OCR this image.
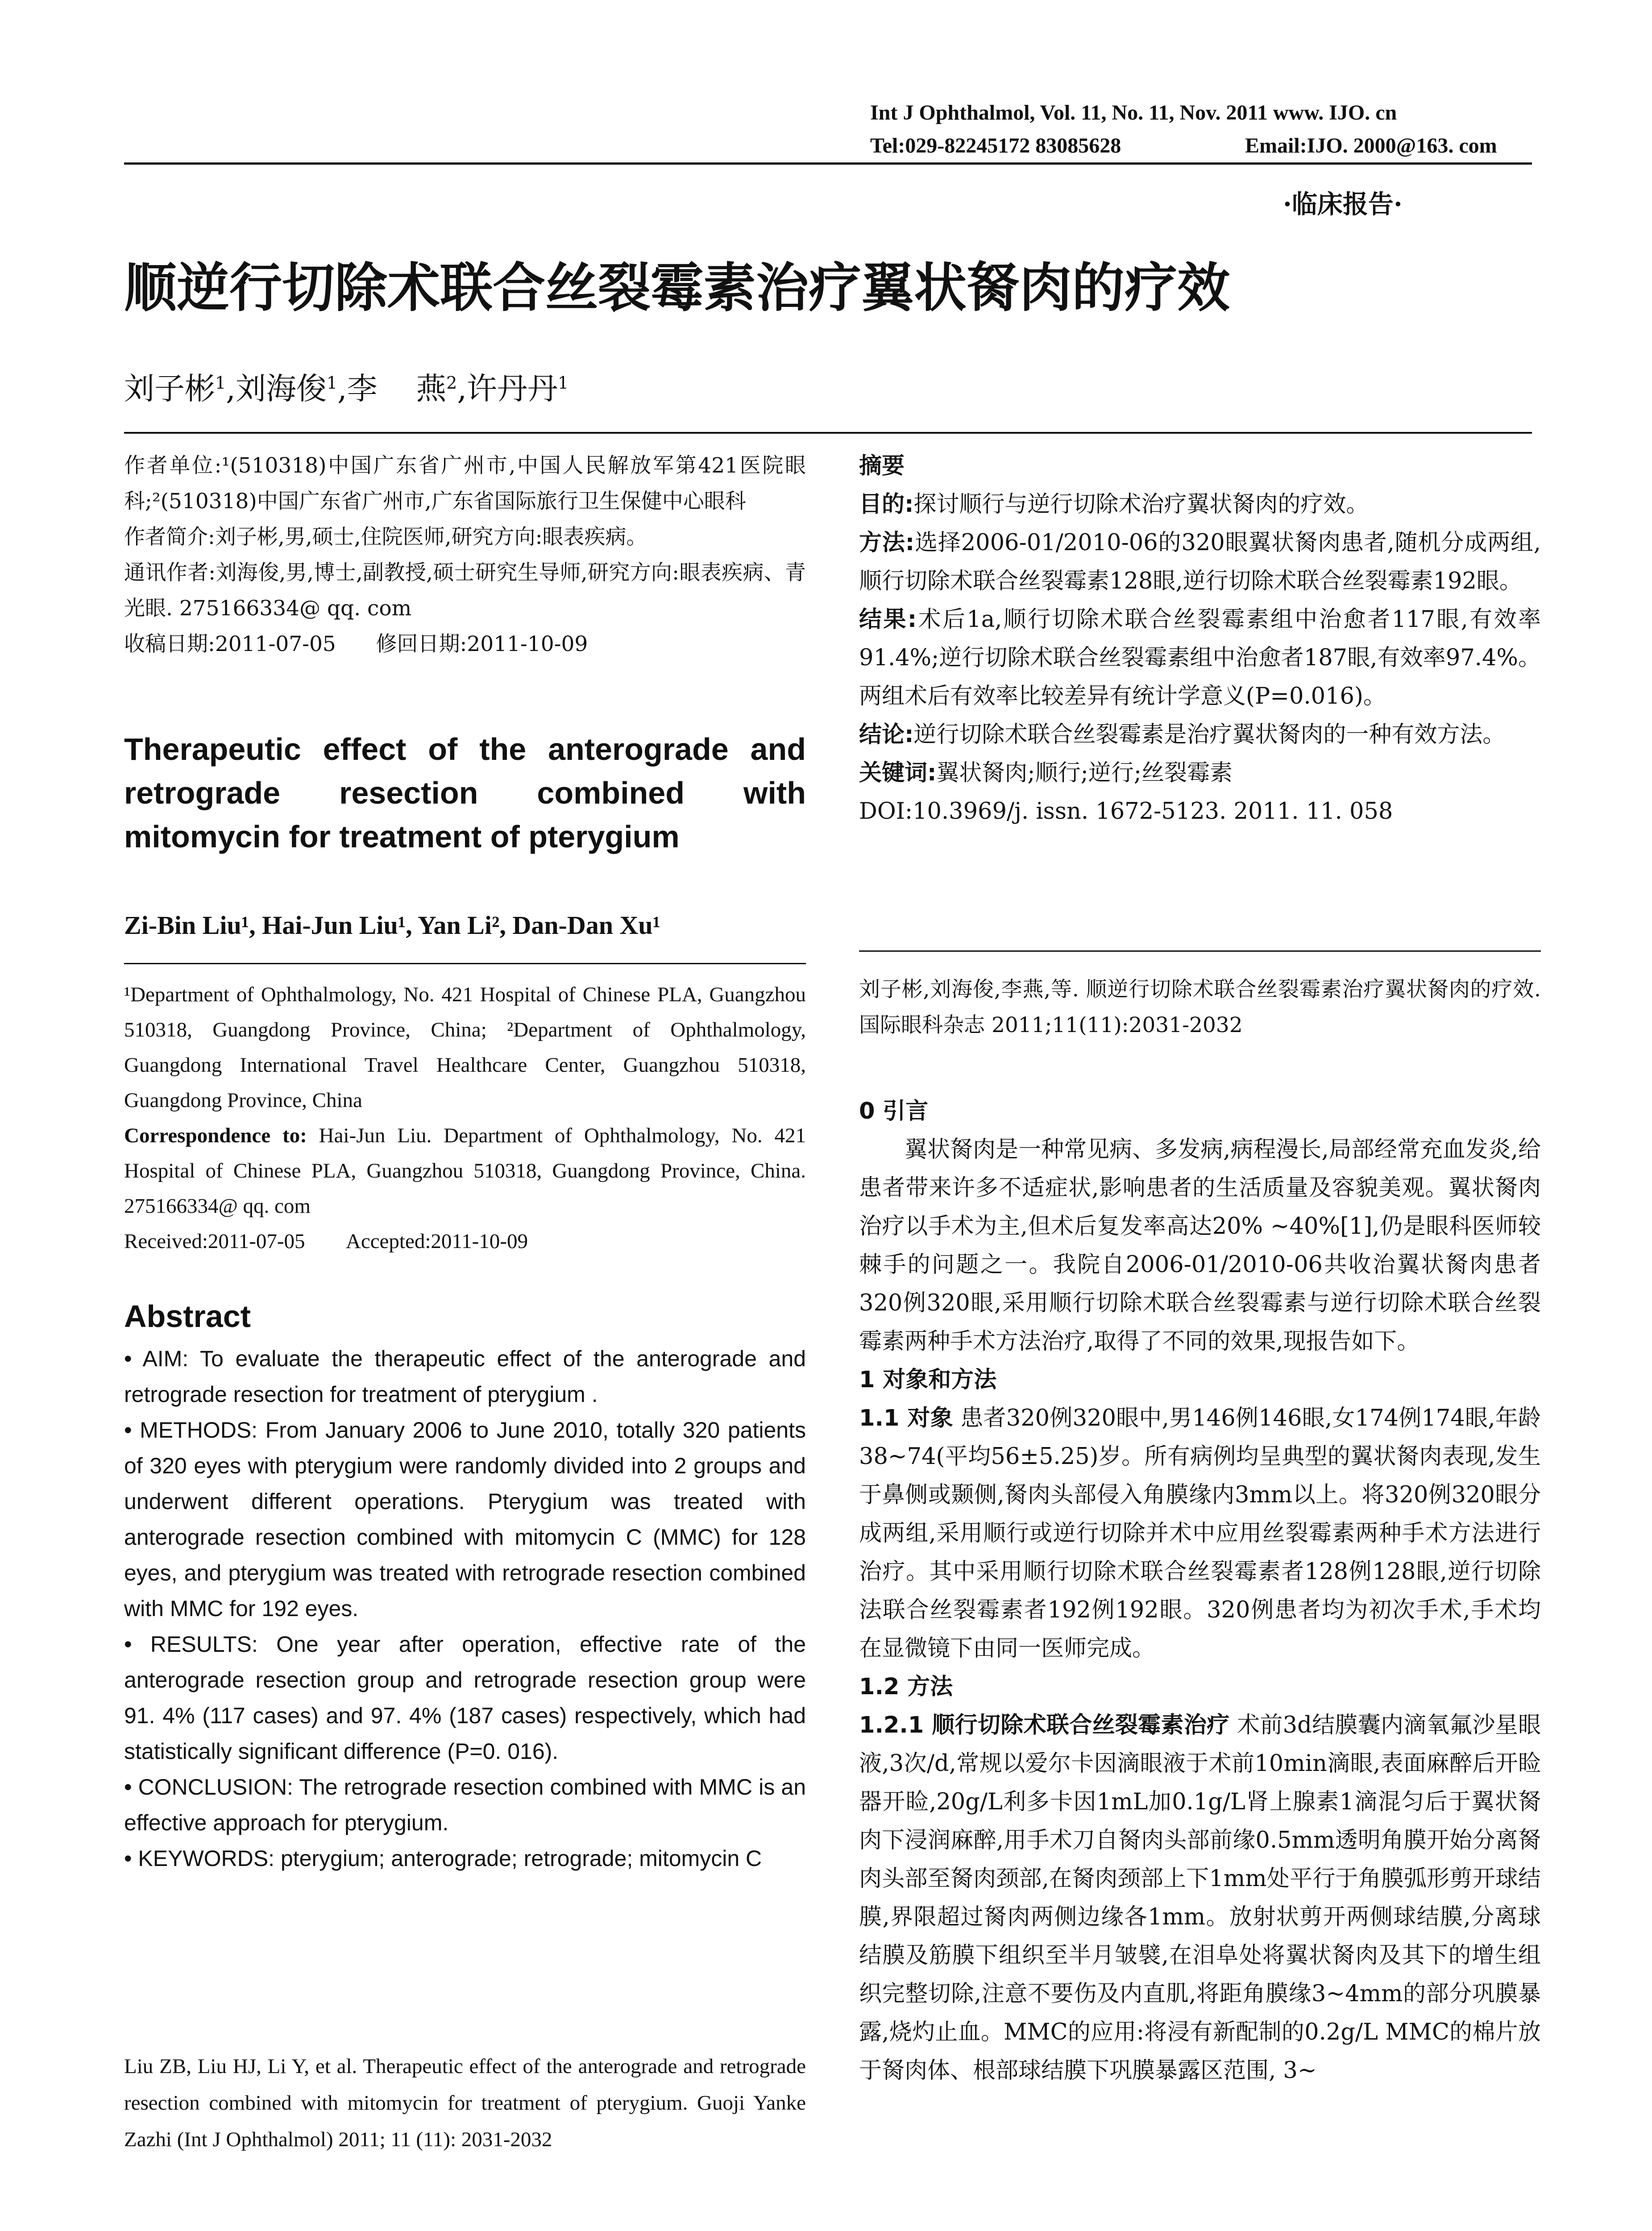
Int J Ophthalmol, Vol. 11, No. 11, Nov. 2011 www. IJO. cn
Tel:029-82245172 83085628	Email:IJO. 2000@163. com
·临床报告·
顺逆行切除术联合丝裂霉素治疗翼状胬肉的疗效
刘子彬$^1$,刘海俊$^1$,李    燕$^2$,许丹丹$^1$

作者单位:¹(510318)中国广东省广州市,中国人民解放军第421医院眼科;²(510318)中国广东省广州市,广东省国际旅行卫生保健中心眼科

作者简介:刘子彬,男,硕士,住院医师,研究方向:眼表疾病。

通讯作者:刘海俊,男,博士,副教授,硕士研究生导师,研究方向:眼表疾病、青光眼. 275166334@ qq. com

收稿日期:2011-07-05 修回日期:2011-10-09

Therapeutic effect of the anterograde and retrograde resection combined with mitomycin for treatment of pterygium
Zi-Bin Liu¹, Hai-Jun Liu¹, Yan Li², Dan-Dan Xu¹
¹Department of Ophthalmology, No. 421 Hospital of Chinese PLA, Guangzhou 510318, Guangdong Province, China; ²Department of Ophthalmology, Guangdong International Travel Healthcare Center, Guangzhou 510318, Guangdong Province, China
Correspondence to: Hai-Jun Liu. Department of Ophthalmology, No. 421 Hospital of Chinese PLA, Guangzhou 510318, Guangdong Province, China. 275166334@ qq. com
Received:2011-07-05 Accepted:2011-10-09
Abstract

• AIM: To evaluate the therapeutic effect of the anterograde and retrograde resection for treatment of pterygium .

• METHODS: From January 2006 to June 2010, totally 320 patients of 320 eyes with pterygium were randomly divided into 2 groups and underwent different operations. Pterygium was treated with anterograde resection combined with mitomycin C (MMC) for 128 eyes, and pterygium was treated with retrograde resection combined with MMC for 192 eyes.

• RESULTS: One year after operation, effective rate of the anterograde resection group and retrograde resection group were 91. 4% (117 cases) and 97. 4% (187 cases) respectively, which had statistically significant difference (P=0. 016).

• CONCLUSION: The retrograde resection combined with MMC is an effective approach for pterygium.

• KEYWORDS: pterygium; anterograde; retrograde; mitomycin C

Liu ZB, Liu HJ, Li Y, et al. Therapeutic effect of the anterograde and retrograde resection combined with mitomycin for treatment of pterygium. Guoji Yanke Zazhi (Int J Ophthalmol) 2011; 11 (11): 2031-2032

摘要

目的:探讨顺行与逆行切除术治疗翼状胬肉的疗效。

方法:选择2006-01/2010-06的320眼翼状胬肉患者,随机分成两组,顺行切除术联合丝裂霉素128眼,逆行切除术联合丝裂霉素192眼。

结果:术后1a,顺行切除术联合丝裂霉素组中治愈者117眼,有效率91.4%;逆行切除术联合丝裂霉素组中治愈者187眼,有效率97.4%。两组术后有效率比较差异有统计学意义(P=0.016)。

结论:逆行切除术联合丝裂霉素是治疗翼状胬肉的一种有效方法。

关键词:翼状胬肉;顺行;逆行;丝裂霉素

DOI:10.3969/j. issn. 1672-5123. 2011. 11. 058

刘子彬,刘海俊,李燕,等. 顺逆行切除术联合丝裂霉素治疗翼状胬肉的疗效. 国际眼科杂志 2011;11(11):2031-2032

0 引言

翼状胬肉是一种常见病、多发病,病程漫长,局部经常充血发炎,给患者带来许多不适症状,影响患者的生活质量及容貌美观。翼状胬肉治疗以手术为主,但术后复发率高达20% ~40%[1],仍是眼科医师较棘手的问题之一。我院自2006-01/2010-06共收治翼状胬肉患者320例320眼,采用顺行切除术联合丝裂霉素与逆行切除术联合丝裂霉素两种手术方法治疗,取得了不同的效果,现报告如下。

1 对象和方法

1.1 对象 患者320例320眼中,男146例146眼,女174例174眼,年龄38~74(平均56±5.25)岁。所有病例均呈典型的翼状胬肉表现,发生于鼻侧或颞侧,胬肉头部侵入角膜缘内3mm以上。将320例320眼分成两组,采用顺行或逆行切除并术中应用丝裂霉素两种手术方法进行治疗。其中采用顺行切除术联合丝裂霉素者128例128眼,逆行切除法联合丝裂霉素者192例192眼。320例患者均为初次手术,手术均在显微镜下由同一医师完成。

1.2 方法

1.2.1 顺行切除术联合丝裂霉素治疗 术前3d结膜囊内滴氧氟沙星眼液,3次/d,常规以爱尔卡因滴眼液于术前10min滴眼,表面麻醉后开睑器开睑,20g/L利多卡因1mL加0.1g/L肾上腺素1滴混匀后于翼状胬肉下浸润麻醉,用手术刀自胬肉头部前缘0.5mm透明角膜开始分离胬肉头部至胬肉颈部,在胬肉颈部上下1mm处平行于角膜弧形剪开球结膜,界限超过胬肉两侧边缘各1mm。放射状剪开两侧球结膜,分离球结膜及筋膜下组织至半月皱襞,在泪阜处将翼状胬肉及其下的增生组织完整切除,注意不要伤及内直肌,将距角膜缘3~4mm的部分巩膜暴露,烧灼止血。MMC的应用:将浸有新配制的0.2g/L MMC的棉片放于胬肉体、根部球结膜下巩膜暴露区范围, 3~
